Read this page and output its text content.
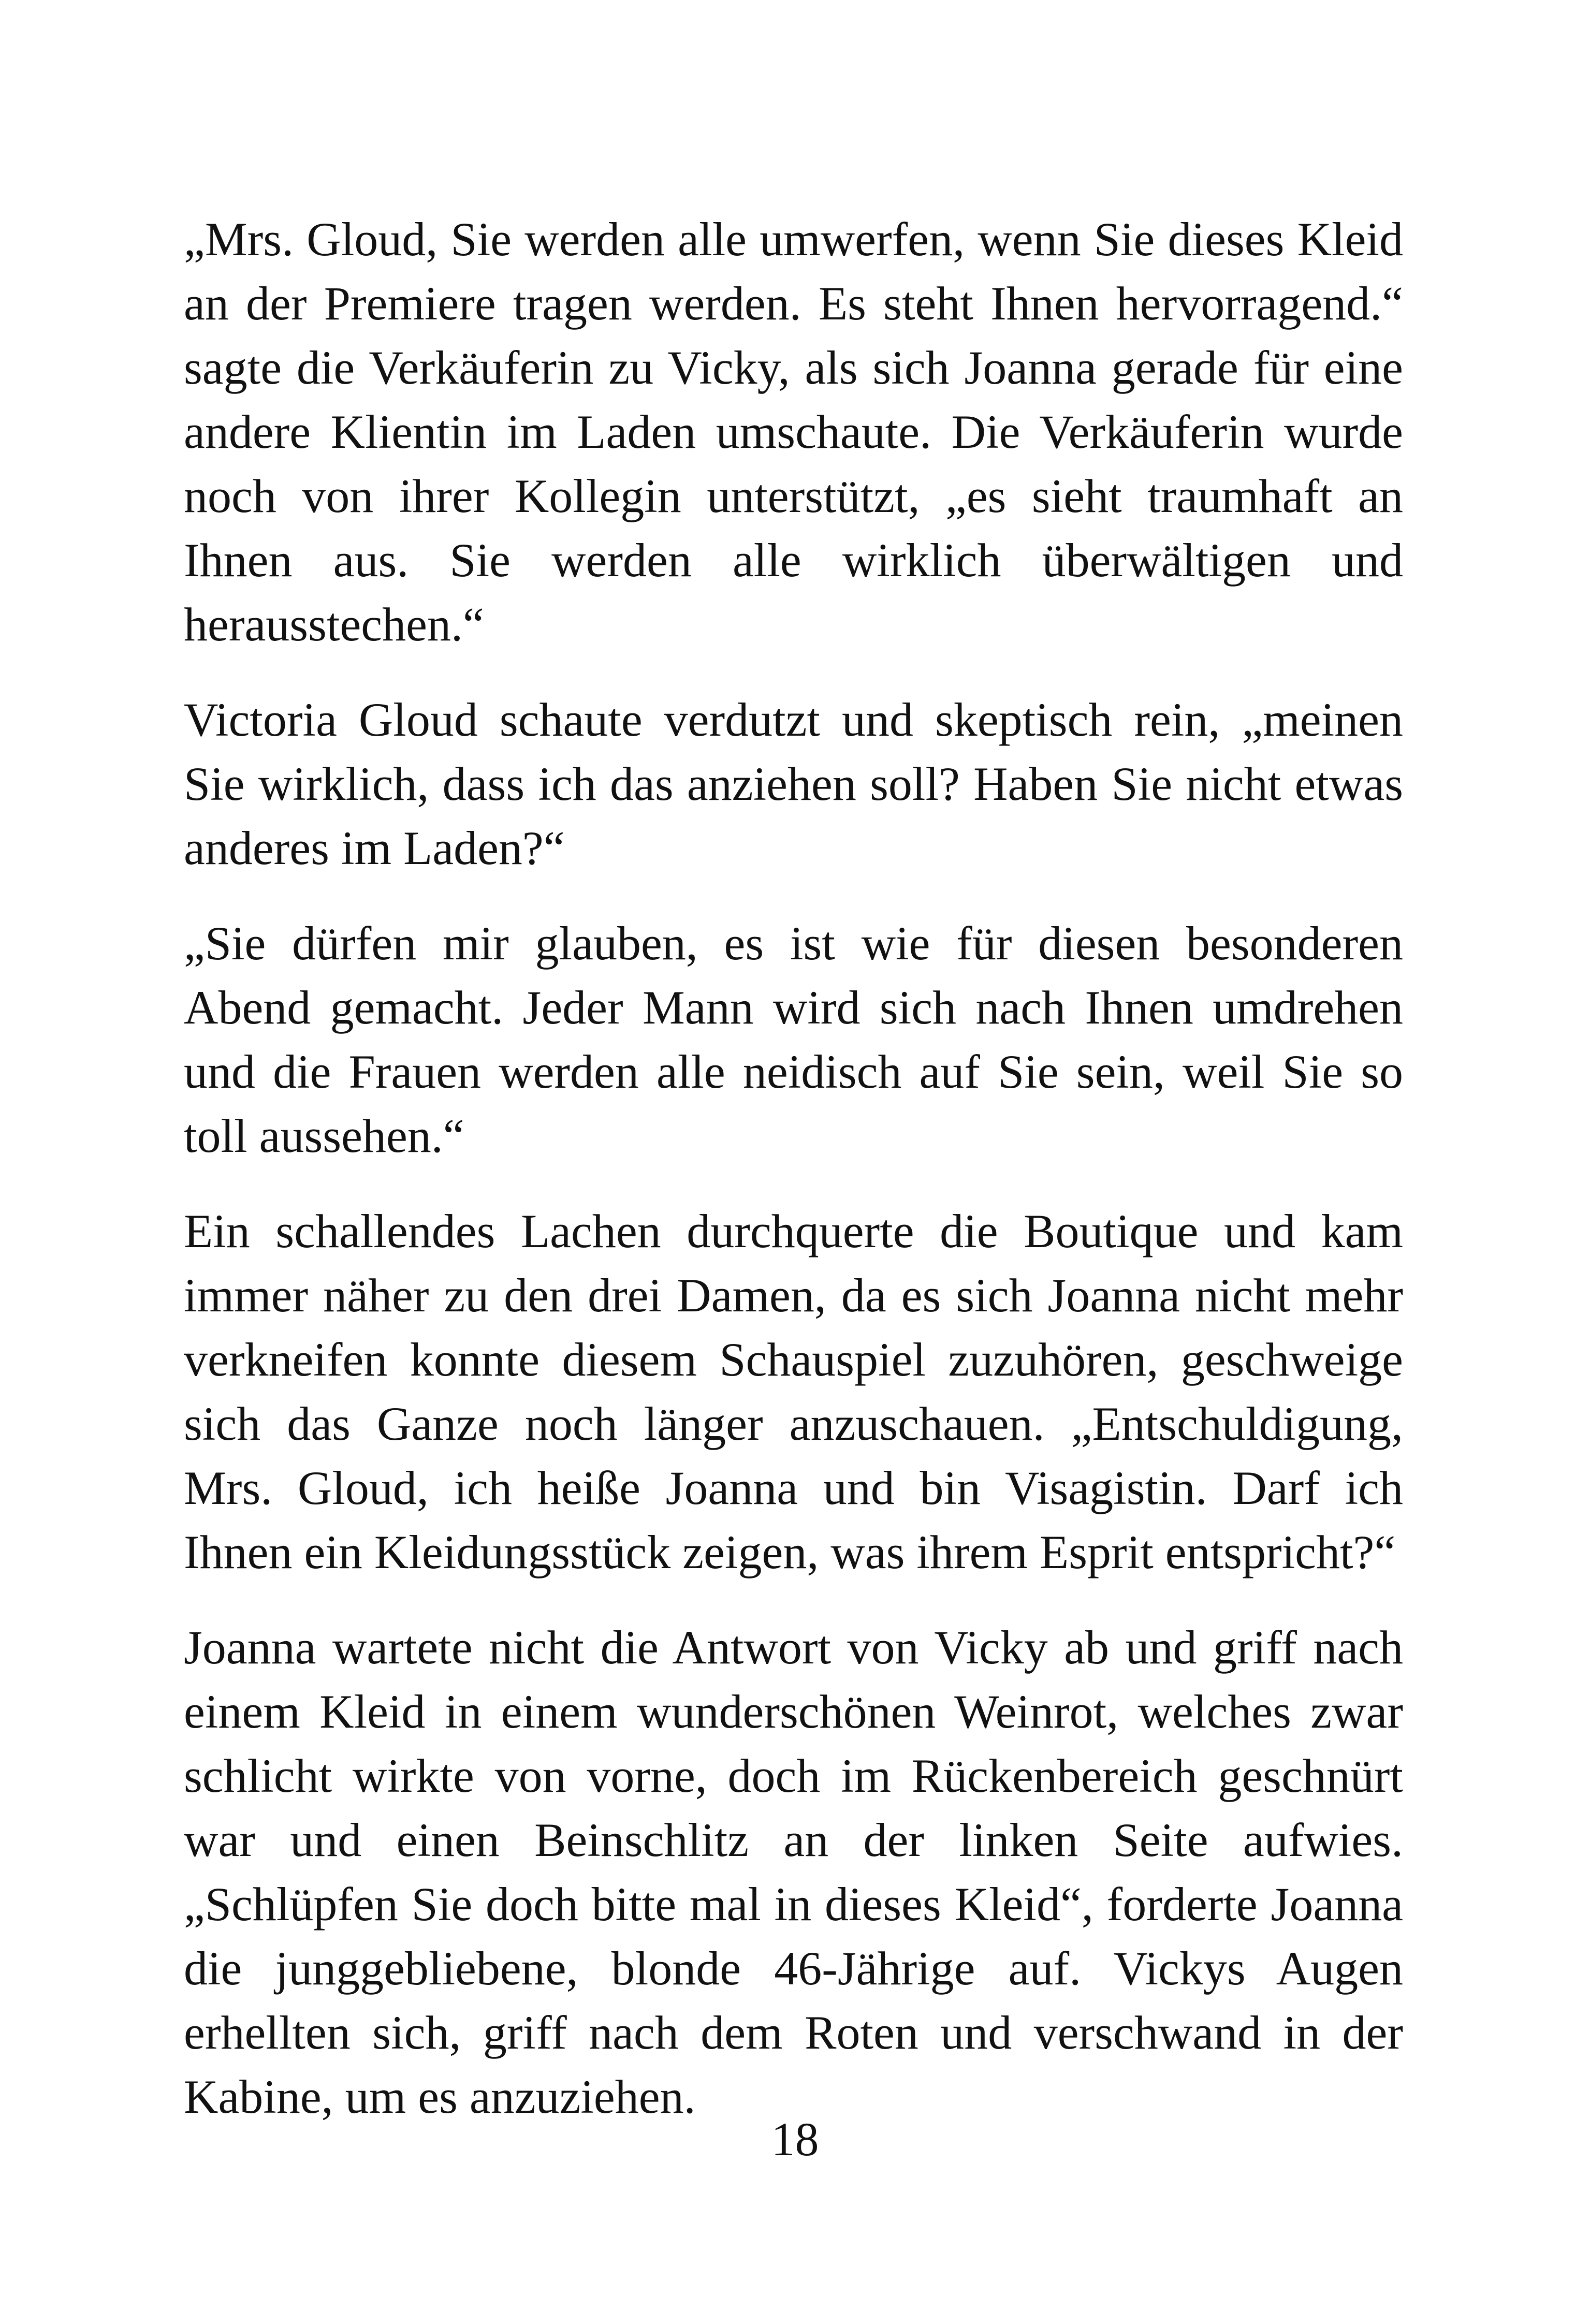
„Mrs. Gloud, Sie werden alle umwerfen, wenn Sie dieses Kleid an der Premiere tragen werden. Es steht Ihnen hervorragend.“ sagte die Verkäuferin zu Vicky, als sich Joanna gerade für eine andere Klientin im Laden umschaute. Die Verkäuferin wurde noch von ihrer Kollegin unterstützt, „es sieht traumhaft an Ihnen aus. Sie werden alle wirklich überwältigen und herausstechen.“

Victoria Gloud schaute verdutzt und skeptisch rein, „meinen Sie wirklich, dass ich das anziehen soll? Haben Sie nicht etwas anderes im Laden?“

„Sie dürfen mir glauben, es ist wie für diesen besonderen Abend gemacht. Jeder Mann wird sich nach Ihnen umdrehen und die Frauen werden alle neidisch auf Sie sein, weil Sie so toll aussehen.“

Ein schallendes Lachen durchquerte die Boutique und kam immer näher zu den drei Damen, da es sich Joanna nicht mehr verkneifen konnte diesem Schauspiel zuzuhören, geschweige sich das Ganze noch länger anzuschauen. „Entschuldigung, Mrs. Gloud, ich heiße Joanna und bin Visagistin. Darf ich Ihnen ein Kleidungsstück zeigen, was ihrem Esprit entspricht?“

Joanna wartete nicht die Antwort von Vicky ab und griff nach einem Kleid in einem wunderschönen Weinrot, welches zwar schlicht wirkte von vorne, doch im Rückenbereich geschnürt war und einen Beinschlitz an der linken Seite aufwies. „Schlüpfen Sie doch bitte mal in dieses Kleid“, forderte Joanna die junggebliebene, blonde 46-Jährige auf. Vickys Augen erhellten sich, griff nach dem Roten und verschwand in der Kabine, um es anzuziehen.

18
